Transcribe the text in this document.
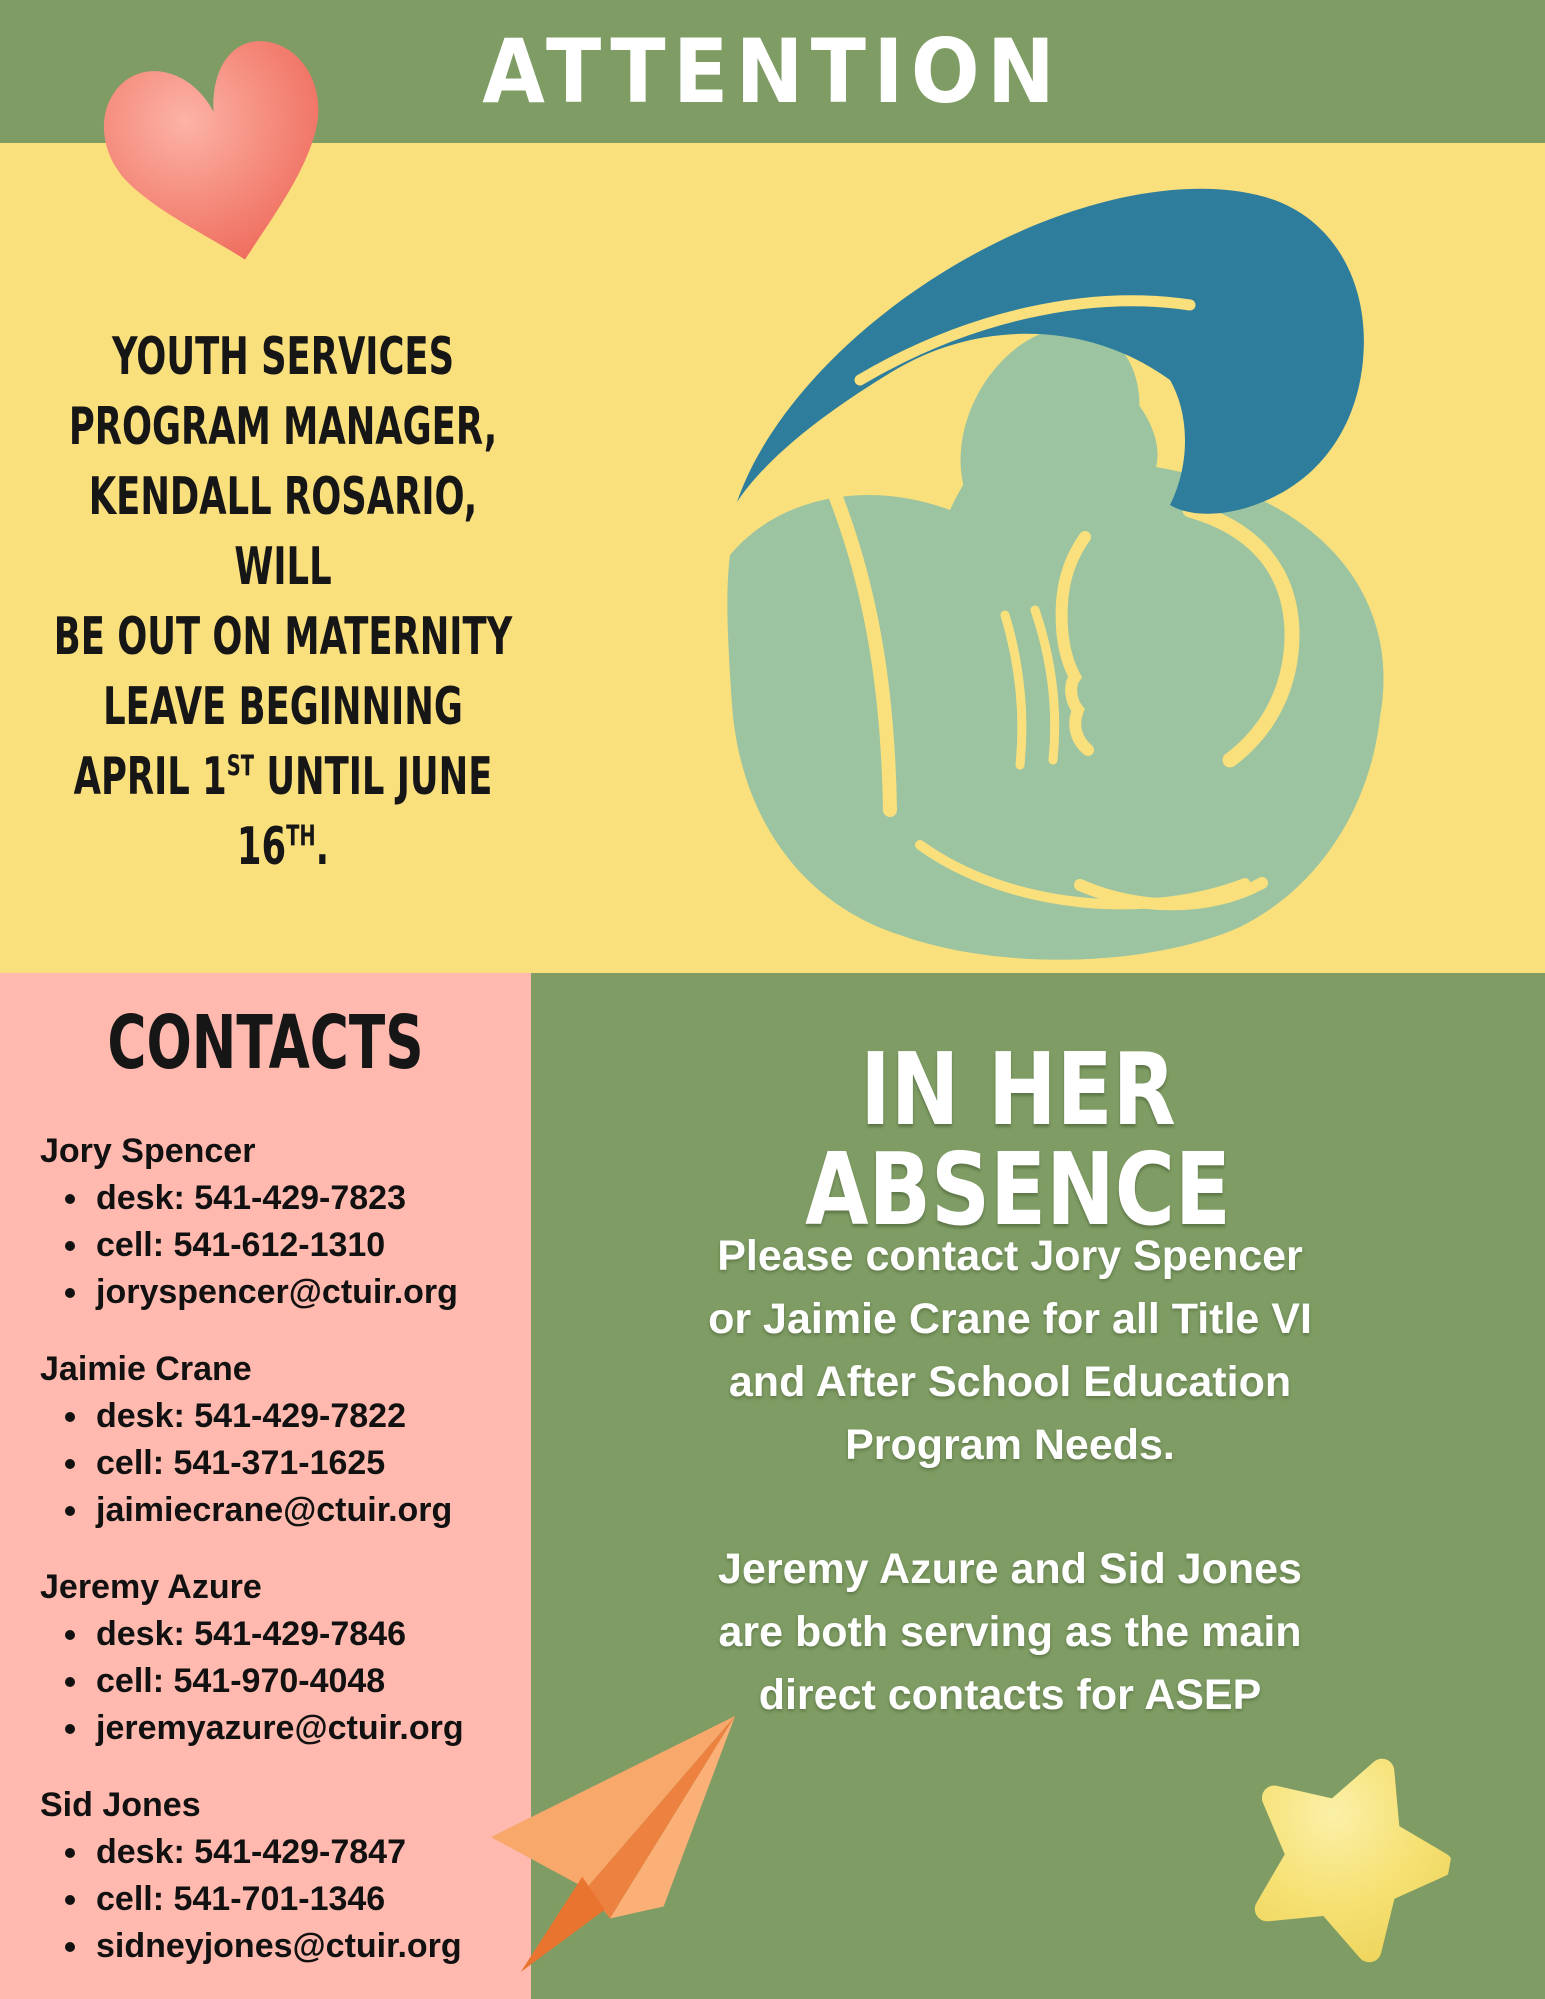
ATTENTION
YOUTH SERVICES
PROGRAM MANAGER,
KENDALL ROSARIO, WILL
BE OUT ON MATERNITY
LEAVE BEGINNING
APRIL 1ST UNTIL JUNE
16TH.
CONTACTS
Jory Spencer
• desk: 541-429-7823
• cell: 541-612-1310
• joryspencer@ctuir.org
Jaimie Crane
• desk: 541-429-7822
• cell: 541-371-1625
• jaimiecrane@ctuir.org
Jeremy Azure
• desk: 541-429-7846
• cell: 541-970-4048
• jeremyazure@ctuir.org
Sid Jones
• desk: 541-429-7847
• cell: 541-701-1346
• sidneyjones@ctuir.org
IN HER ABSENCE
Please contact Jory Spencer
or Jaimie Crane for all Title VI
and After School Education
Program Needs.
Jeremy Azure and Sid Jones
are both serving as the main
direct contacts for ASEP
